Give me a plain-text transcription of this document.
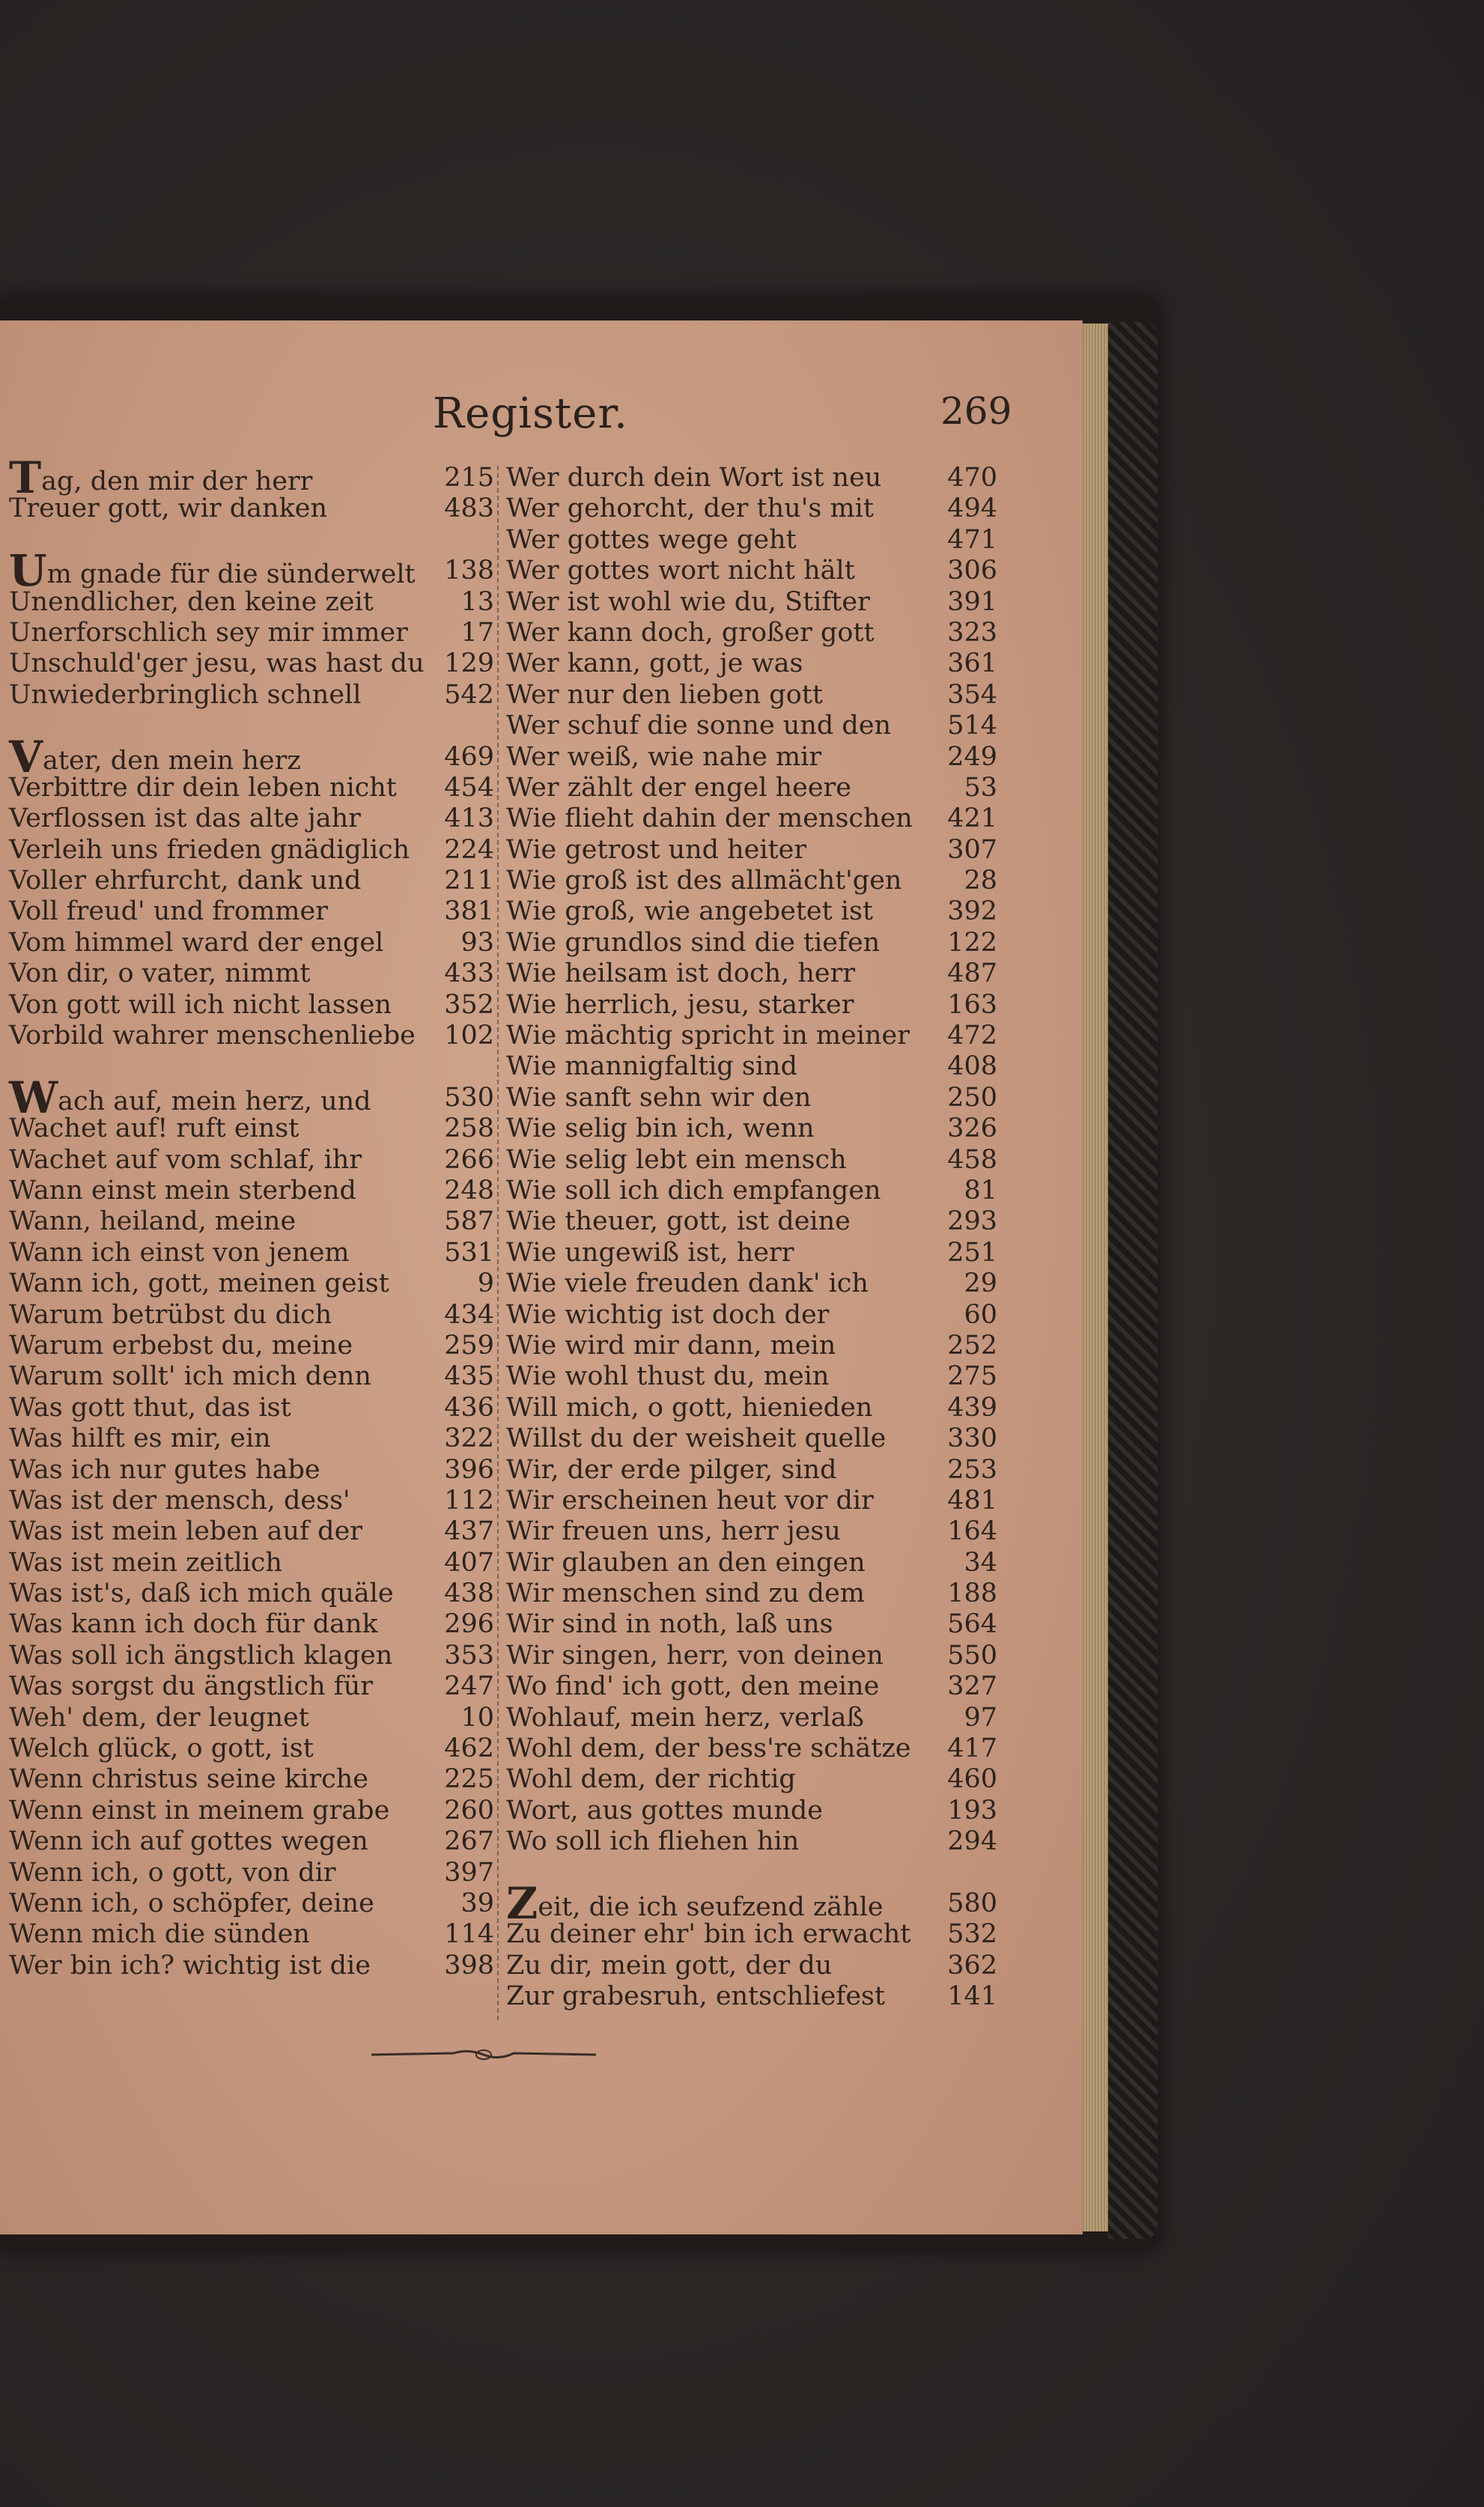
Register.	269
Tag, den mir der herr	215
Treuer gott, wir danken	483
Um gnade für die sünderwelt 138
Unendlicher, den keine zeit	13
Unerforschlich sey mir immer 17
Unschuld'ger jesu, was hast du 129
Unwiederbringlich schnell	542
Vater, den mein herz	469
Verbittre dir dein leben nicht 454
Verflossen ist das alte jahr	413
Verleih uns frieden gnädiglich 224
Voller ehrfurcht, dank und	211
Voll freud' und frommer	381
Vom himmel ward der engel	93
Von dir, o vater, nimmt	433
Von gott will ich nicht lassen 352
Vorbild wahrer menschenliebe 102
Wach auf, mein herz, und	530
Wachet auf! ruft einst	258
Wachet auf vom schlaf, ihr	266
Wann einst mein sterbend	248
Wann, heiland, meine	587
Wann ich einst von jenem	531
Wann ich, gott, meinen geist	9
Warum betrübst du dich	434
Warum erbebst du, meine	259
Warum sollt' ich mich denn	435
Was gott thut, das ist	436
Was hilft es mir, ein	322
Was ich nur gutes habe	396
Was ist der mensch, dess'	112
Was ist mein leben auf der	437
Was ist mein zeitlich	407
Was ist's, daß ich mich quäle 438
Was kann ich doch für dank	296
Was soll ich ängstlich klagen 353
Was sorgst du ängstlich für	247
Weh' dem, der leugnet	10
Welch glück, o gott, ist	462
Wenn christus seine kirche	225
Wenn einst in meinem grabe 260
Wenn ich auf gottes wegen	267
Wenn ich, o gott, von dir	397
Wenn ich, o schöpfer, deine	39
Wenn mich die sünden	114
Wer bin ich? wichtig ist die	398
Wer durch dein Wort ist neu	470
Wer gehorcht, der thu's mit	494
Wer gottes wege geht	471
Wer gottes wort nicht hält	306
Wer ist wohl wie du, Stifter	391
Wer kann doch, großer gott	323
Wer kann, gott, je was	361
Wer nur den lieben gott	354
Wer schuf die sonne und den 514
Wer weiß, wie nahe mir	249
Wer zählt der engel heere	53
Wie flieht dahin der menschen 421
Wie getrost und heiter	307
Wie groß ist des allmächt'gen 28
Wie groß, wie angebetet ist	392
Wie grundlos sind die tiefen	122
Wie heilsam ist doch, herr	487
Wie herrlich, jesu, starker	163
Wie mächtig spricht in meiner 472
Wie mannigfaltig sind	408
Wie sanft sehn wir den	250
Wie selig bin ich, wenn	326
Wie selig lebt ein mensch	458
Wie soll ich dich empfangen	81
Wie theuer, gott, ist deine	293
Wie ungewiß ist, herr	251
Wie viele freuden dank' ich	29
Wie wichtig ist doch der	60
Wie wird mir dann, mein	252
Wie wohl thust du, mein	275
Will mich, o gott, hienieden	439
Willst du der weisheit quelle 330
Wir, der erde pilger, sind	253
Wir erscheinen heut vor dir	481
Wir freuen uns, herr jesu	164
Wir glauben an den eingen	34
Wir menschen sind zu dem	188
Wir sind in noth, laß uns	564
Wir singen, herr, von deinen 550
Wo find' ich gott, den meine	327
Wohlauf, mein herz, verlaß	97
Wohl dem, der bess're schätze 417
Wohl dem, der richtig	460
Wort, aus gottes munde	193
Wo soll ich fliehen hin	294
Zeit, die ich seufzend zähle 580
Zu deiner ehr' bin ich erwacht 532
Zu dir, mein gott, der du	362
Zur grabesruh, entschliefest 141
